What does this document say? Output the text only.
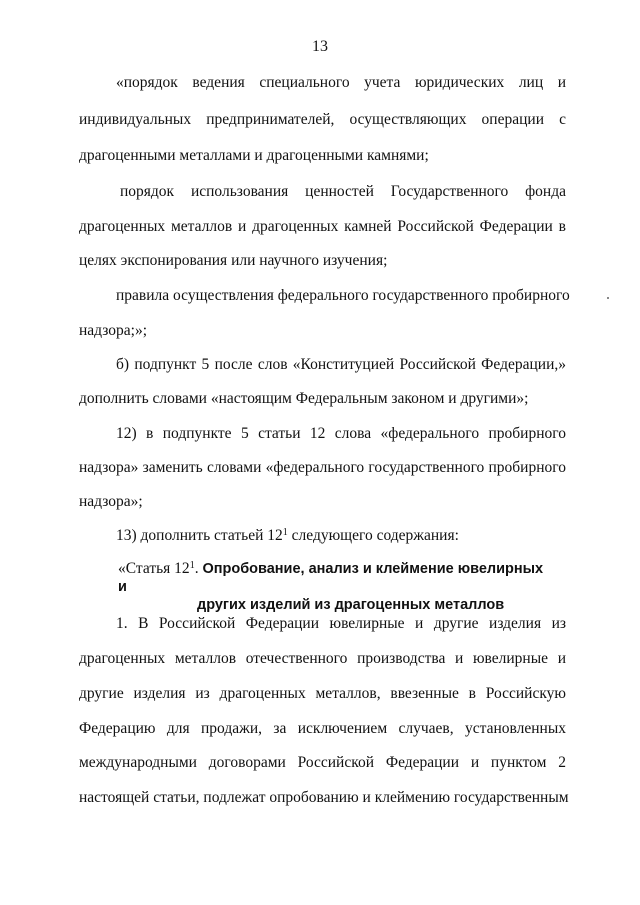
13
«порядок ведения специального учета юридических лиц и
индивидуальных предпринимателей, осуществляющих операции с
драгоценными металлами и драгоценными камнями;
порядок использования ценностей Государственного фонда
драгоценных металлов и драгоценных камней Российской Федерации в
целях экспонирования или научного изучения;
правила осуществления федерального государственного пробирного
надзора;»;
б) подпункт 5 после слов «Конституцией Российской Федерации,»
дополнить словами «настоящим Федеральным законом и другими»;
12) в подпункте 5 статьи 12 слова «федерального пробирного
надзора» заменить словами «федерального государственного пробирного
надзора»;
13) дополнить статьей $12^1$ следующего содержания:
«Статья $12^1$. Опробование, анализ и клеймение ювелирных и
других изделий из драгоценных металлов
1. В Российской Федерации ювелирные и другие изделия из
драгоценных металлов отечественного производства и ювелирные и
другие изделия из драгоценных металлов, ввезенные в Российскую
Федерацию для продажи, за исключением случаев, установленных
международными договорами Российской Федерации и пунктом 2
настоящей статьи, подлежат опробованию и клеймению государственным
